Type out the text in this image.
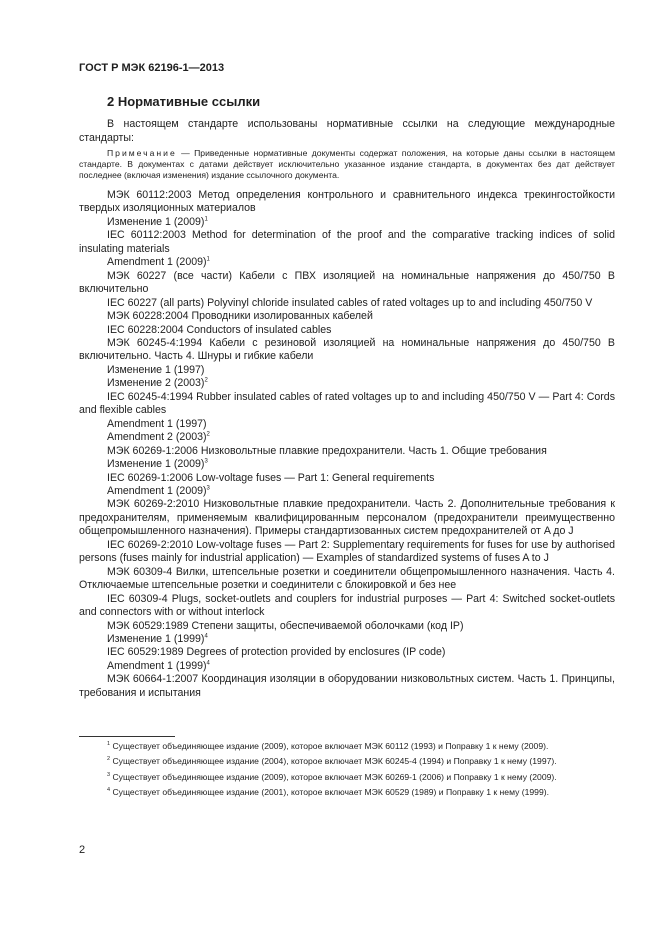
ГОСТ Р МЭК 62196-1—2013
2 Нормативные ссылки
В настоящем стандарте использованы нормативные ссылки на следующие международные стандарты:
Примечание — Приведенные нормативные документы содержат положения, на которые даны ссылки в настоящем стандарте. В документах с датами действует исключительно указанное издание стандарта, в документах без дат действует последнее (включая изменения) издание ссылочного документа.

МЭК 60112:2003 Метод определения контрольного и сравнительного индекса трекингостойкости твердых изоляционных материалов

Изменение 1 $(2009)^1$

IEC 60112:2003 Method for determination of the proof and the comparative tracking indices of solid insulating materials

Amendment 1 $(2009)^1$

МЭК 60227 (все части) Кабели с ПВХ изоляцией на номинальные напряжения до 450/750 В включительно

IEC 60227 (all parts) Polyvinyl chloride insulated cables of rated voltages up to and including 450/750 V

МЭК 60228:2004 Проводники изолированных кабелей

IEC 60228:2004 Conductors of insulated cables

МЭК 60245-4:1994 Кабели с резиновой изоляцией на номинальные напряжения до 450/750 В включительно. Часть 4. Шнуры и гибкие кабели

Изменение 1 (1997)

Изменение 2 $(2003)^2$

IEC 60245-4:1994 Rubber insulated cables of rated voltages up to and including 450/750 V — Part 4: Cords and flexible cables

Amendment 1 (1997)

Amendment 2 $(2003)^2$

МЭК 60269-1:2006 Низковольтные плавкие предохранители. Часть 1. Общие требования

Изменение 1 $(2009)^3$

IEC 60269-1:2006 Low-voltage fuses — Part 1: General requirements

Amendment 1 $(2009)^3$

МЭК 60269-2:2010 Низковольтные плавкие предохранители. Часть 2. Дополнительные требования к предохранителям, применяемым квалифицированным персоналом (предохранители преимущественно общепромышленного назначения). Примеры стандартизованных систем предохранителей от A до J

IEC 60269-2:2010 Low-voltage fuses — Part 2: Supplementary requirements for fuses for use by authorised persons (fuses mainly for industrial application) — Examples of standardized systems of fuses A to J

МЭК 60309-4 Вилки, штепсельные розетки и соединители общепромышленного назначения. Часть 4. Отключаемые штепсельные розетки и соединители с блокировкой и без нее

IEC 60309-4 Plugs, socket-outlets and couplers for industrial purposes — Part 4: Switched socket-outlets and connectors with or without interlock

МЭК 60529:1989 Степени защиты, обеспечиваемой оболочками (код IP)

Изменение 1 $(1999)^4$

IEC 60529:1989 Degrees of protection provided by enclosures (IP code)

Amendment 1 $(1999)^4$

МЭК 60664-1:2007 Координация изоляции в оборудовании низковольтных систем. Часть 1. Принципы, требования и испытания

$^1$ Существует объединяющее издание (2009), которое включает МЭК 60112 (1993) и Поправку 1 к нему (2009).

$^2$ Существует объединяющее издание (2004), которое включает МЭК 60245-4 (1994) и Поправку 1 к нему (1997).

$^3$ Существует объединяющее издание (2009), которое включает МЭК 60269-1 (2006) и Поправку 1 к нему (2009).

$^4$ Существует объединяющее издание (2001), которое включает МЭК 60529 (1989) и Поправку 1 к нему (1999).

2
